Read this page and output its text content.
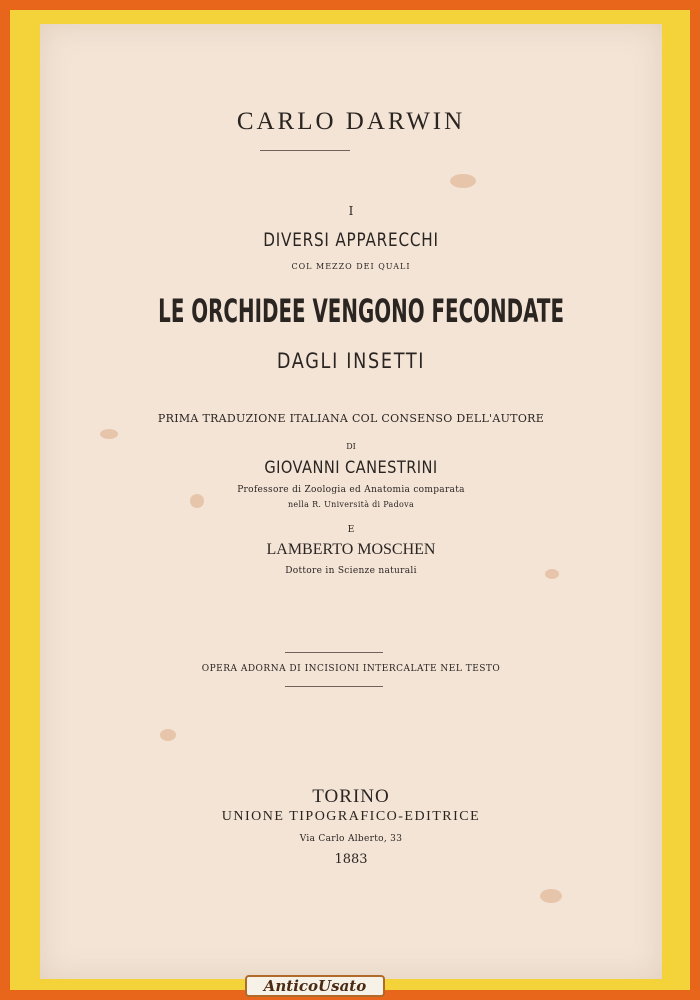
CARLO DARWIN
I
DIVERSI APPARECCHI
COL MEZZO DEI QUALI
LE ORCHIDEE VENGONO FECONDATE
DAGLI INSETTI
PRIMA TRADUZIONE ITALIANA COL CONSENSO DELL'AUTORE
DI
GIOVANNI CANESTRINI
Professore di Zoologia ed Anatomia comparata
nella R. Università di Padova
E
LAMBERTO MOSCHEN
Dottore in Scienze naturali
OPERA ADORNA DI INCISIONI INTERCALATE NEL TESTO
TORINO
UNIONE TIPOGRAFICO-EDITRICE
Via Carlo Alberto, 33
1883
AnticoUsato
